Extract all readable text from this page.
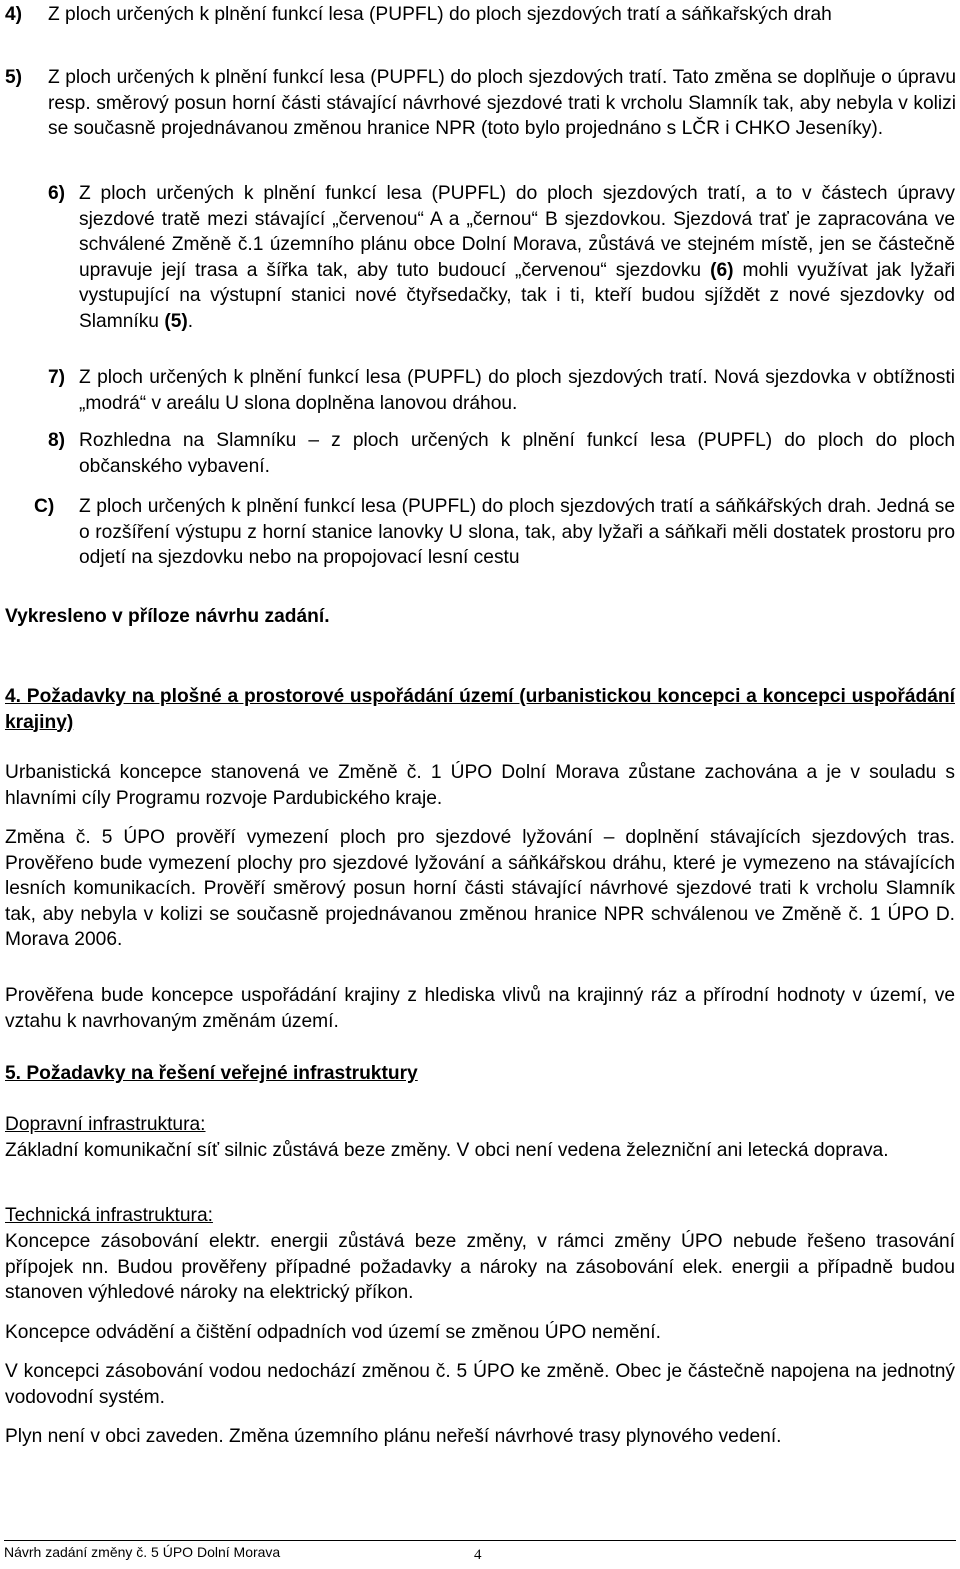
4) Z ploch určených k plnění funkcí lesa (PUPFL) do ploch sjezdových tratí a sáňkařských drah
5) Z ploch určených k plnění funkcí lesa (PUPFL) do ploch sjezdových tratí. Tato změna se doplňuje o úpravu resp. směrový posun horní části stávající návrhové sjezdové trati k vrcholu Slamník tak, aby nebyla v kolizi se současně projednávanou změnou hranice NPR (toto bylo projednáno s LČR i CHKO Jeseníky).
6) Z ploch určených k plnění funkcí lesa (PUPFL) do ploch sjezdových tratí, a to v částech úpravy sjezdové tratě mezi stávající „červenou“ A a „černou“ B sjezdovkou. Sjezdová trať je zapracována ve schválené Změně č.1 územního plánu obce Dolní Morava, zůstává ve stejném místě, jen se částečně upravuje její trasa a šířka tak, aby tuto budoucí „červenou“ sjezdovku (6) mohli využívat jak lyžaři vystupující na výstupní stanici nové čtyřsedačky, tak i ti, kteří budou sjíždět z nové sjezdovky od Slamníku (5).
7) Z ploch určených k plnění funkcí lesa (PUPFL) do ploch sjezdových tratí. Nová sjezdovka v obtížnosti „modrá“ v areálu U slona doplněna lanovou dráhou.
8) Rozhledna na Slamníku – z ploch určených k plnění funkcí lesa (PUPFL) do ploch do ploch občanského vybavení.
C) Z ploch určených k plnění funkcí lesa (PUPFL) do ploch sjezdových tratí a sáňkářských drah. Jedná se o rozšíření výstupu z horní stanice lanovky U slona, tak, aby lyžaři a sáňkaři měli dostatek prostoru pro odjetí na sjezdovku nebo na propojovací lesní cestu
Vykresleno v příloze návrhu zadání.
4. Požadavky na plošné a prostorové uspořádání území (urbanistickou koncepci a koncepci uspořádání krajiny)
Urbanistická koncepce stanovená ve Změně č. 1 ÚPO Dolní Morava zůstane zachována a je v souladu s hlavními cíly Programu rozvoje Pardubického kraje.
Změna č. 5 ÚPO prověří vymezení ploch pro sjezdové lyžování – doplnění stávajících sjezdových tras. Prověřeno bude vymezení plochy pro sjezdové lyžování a sáňkářskou dráhu, které je vymezeno na stávajících lesních komunikacích. Prověří směrový posun horní části stávající návrhové sjezdové trati k vrcholu Slamník tak, aby nebyla v kolizi se současně projednávanou změnou hranice NPR schválenou ve Změně č. 1 ÚPO D. Morava 2006.
Prověřena bude koncepce uspořádání krajiny z hlediska vlivů na krajinný ráz a přírodní hodnoty v území, ve vztahu k navrhovaným změnám území.
5. Požadavky na řešení veřejné infrastruktury
Dopravní infrastruktura:
Základní komunikační síť silnic zůstává beze změny. V obci není vedena železniční ani letecká doprava.
Technická infrastruktura:
Koncepce zásobování elektr. energii zůstává beze změny, v rámci změny ÚPO nebude řešeno trasování přípojek nn. Budou prověřeny případné požadavky a nároky na zásobování elek. energii a případně budou stanoven výhledové nároky na elektrický příkon.
Koncepce odvádění a čištění odpadních vod území se změnou ÚPO nemění.
V koncepci zásobování vodou nedochází změnou č. 5 ÚPO ke změně. Obec je částečně napojena na jednotný vodovodní systém.
Plyn není v obci zaveden. Změna územního plánu neřeší návrhové trasy plynového vedení.
Návrh zadání změny č. 5 ÚPO Dolní Morava	4
